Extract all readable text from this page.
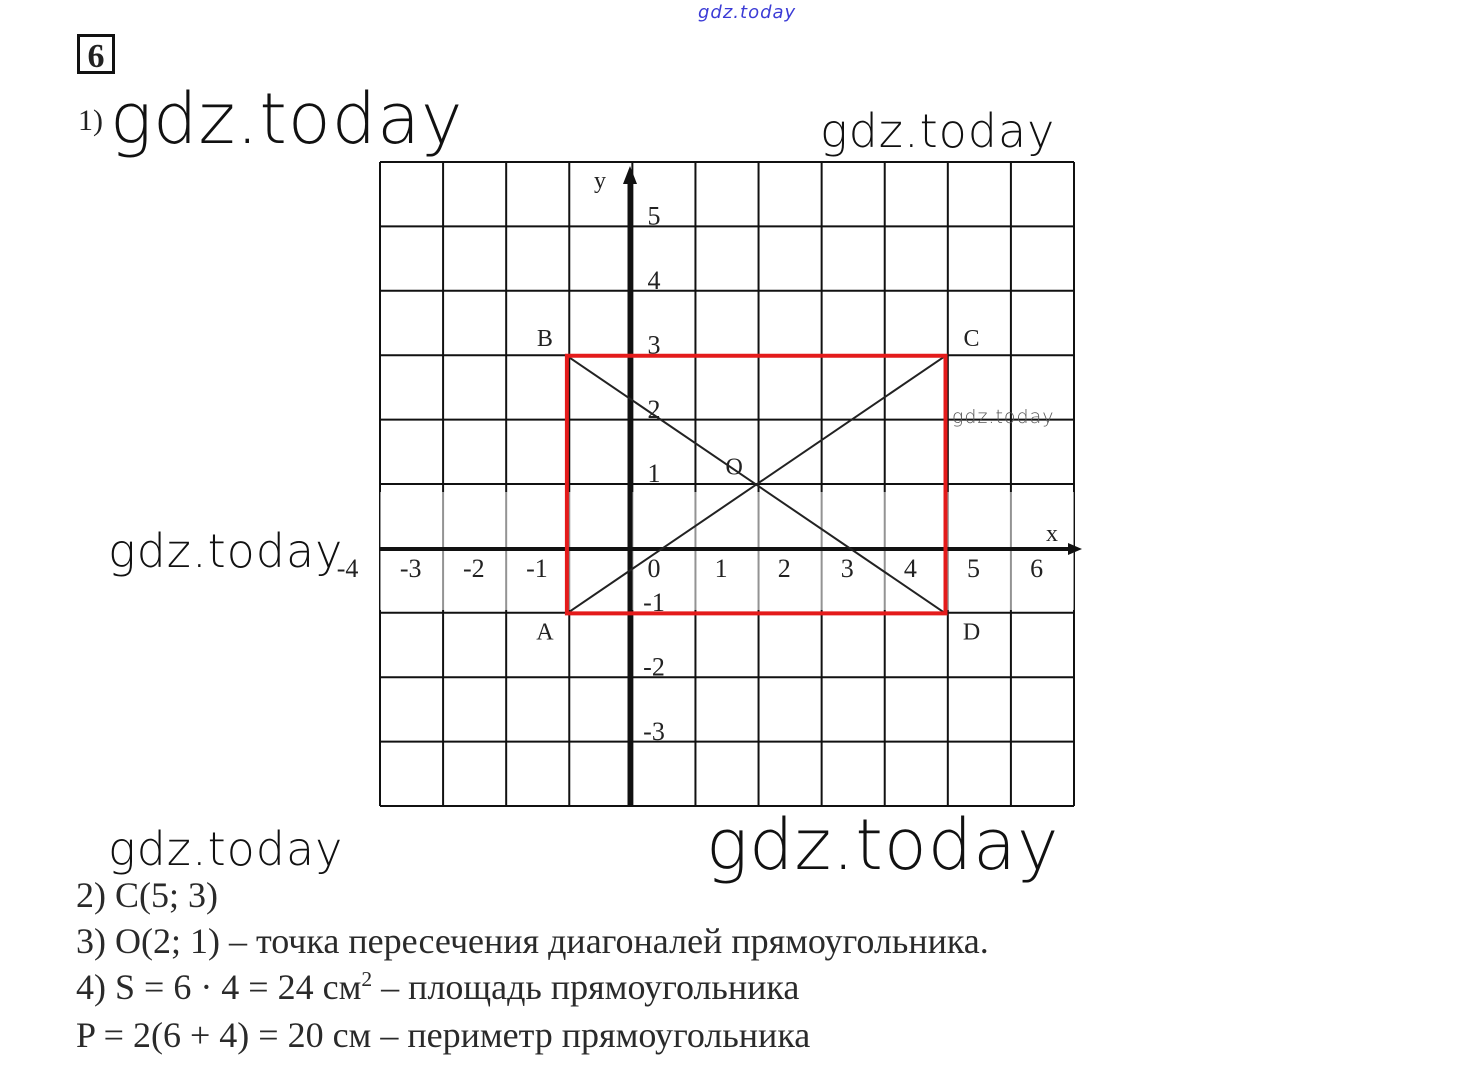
gdz.today
6
1) gdz.today	gdz.today
gdz.today
gdz.today	gdz.today
-4 -3 -2 -1	0 1 2 3 4 5 6
5
4
3
2
1
-1
-2
-3
x
y
A
B	C
D
O
gdz.today
2) C(5; 3)
3) O(2; 1) – точка пересечения диагоналей прямоугольника.
4) S = 6 · 4 = 24 $см^2$ – площадь прямоугольника
P = 2(6 + 4) = 20 см – периметр прямоугольника
